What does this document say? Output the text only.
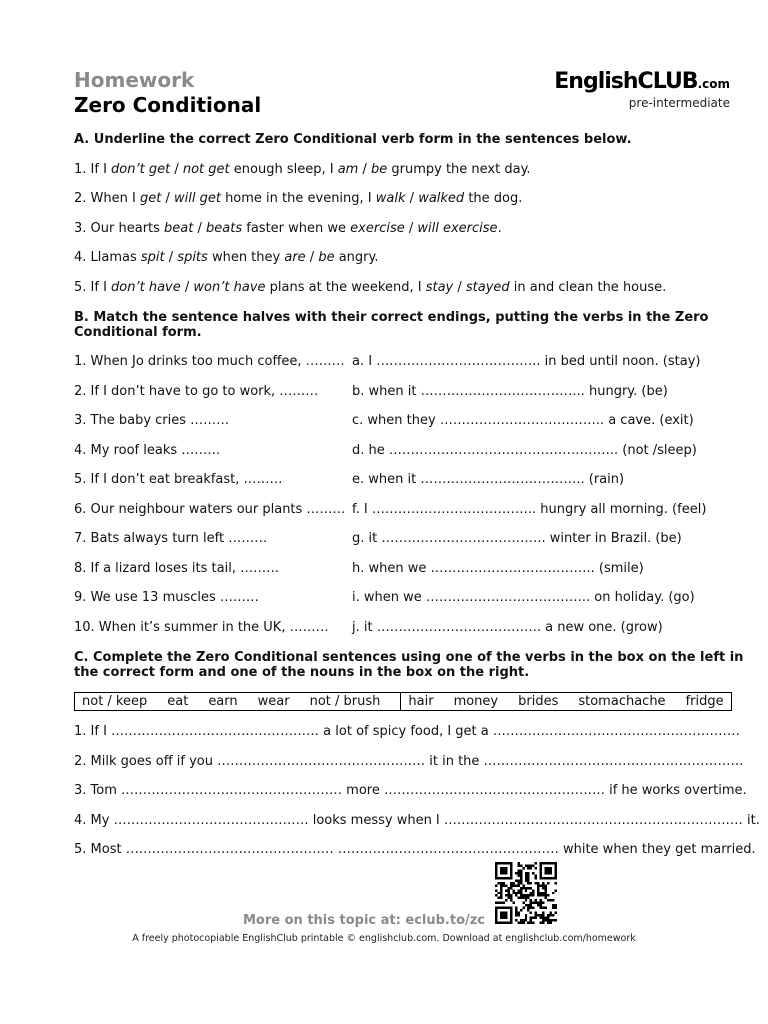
Homework
Zero Conditional
EnglishCLUB.com
pre-intermediate
A. Underline the correct Zero Conditional verb form in the sentences below.
1. If I don’t get / not get enough sleep, I am / be grumpy the next day.
2. When I get / will get home in the evening, I walk / walked the dog.
3. Our hearts beat / beats faster when we exercise / will exercise.
4. Llamas spit / spits when they are / be angry.
5. If I don’t have / won’t have plans at the weekend, I stay / stayed in and clean the house.
B. Match the sentence halves with their correct endings, putting the verbs in the Zero
Conditional form.
1. When Jo drinks too much coffee, ……… a. I ……………………………….. in bed until noon. (stay)
2. If I don’t have to go to work, ………	b. when it ……………………………….. hungry. (be)
3. The baby cries ………	c. when they ……………………………….. a cave. (exit)
4. My roof leaks ………	d. he …………………………………………….. (not /sleep)
5. If I don’t eat breakfast, ………	e. when it ……………………………….. (rain)
6. Our neighbour waters our plants ……… f. I ……………………………….. hungry all morning. (feel)
7. Bats always turn left ………	g. it ……………………………….. winter in Brazil. (be)
8. If a lizard loses its tail, ………	h. when we ……………………………….. (smile)
9. We use 13 muscles ………	i. when we ……………………………….. on holiday. (go)
10. When it’s summer in the UK, ……… j. it ……………………………….. a new one. (grow)
C. Complete the Zero Conditional sentences using one of the verbs in the box on the left in
the correct form and one of the nouns in the box on the right.
not / keep eat earn wear not / brush hair money brides stomachache fridge
1. If I ………………………………………… a lot of spicy food, I get a …………………………………………………
2. Milk goes off if you ………………………………………… it in the ……………………………………………………
3. Tom …………………………………………… more …………………………………………… if he works overtime.
4. My ……………………………………… looks messy when I …………………………………………………………… it.
5. Most ………………………………………… …………………………………………… white when they get married.
More on this topic at: eclub.to/zc
A freely photocopiable EnglishClub printable © englishclub.com. Download at englishclub.com/homework
